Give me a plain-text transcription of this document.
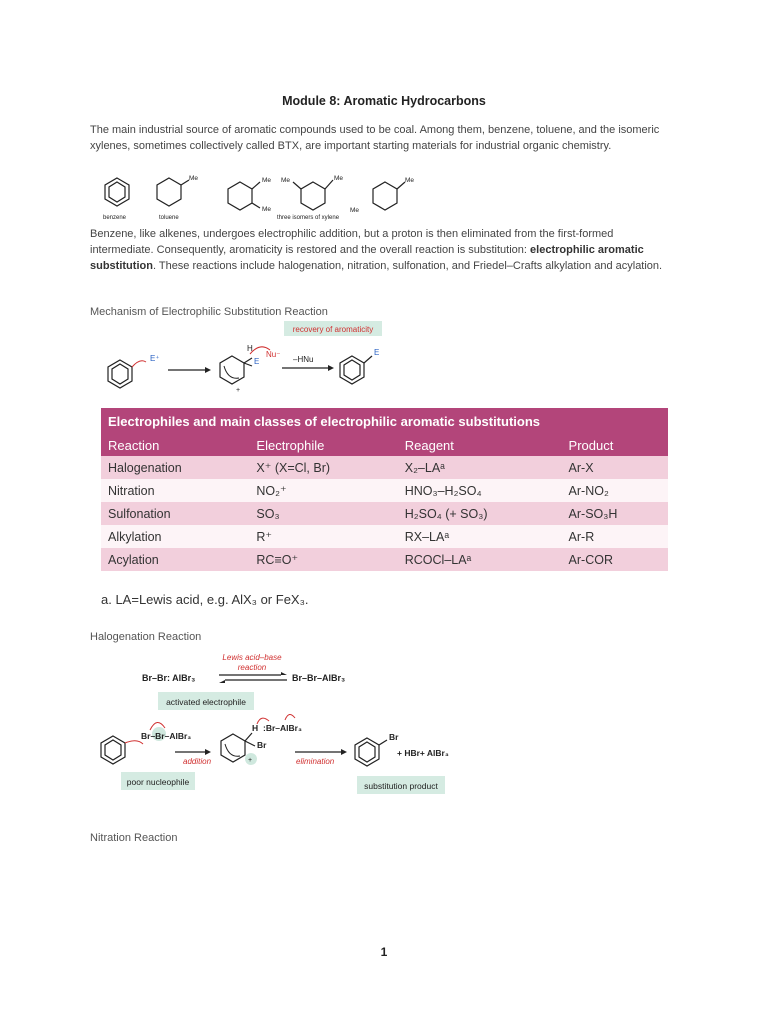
Module 8: Aromatic Hydrocarbons
The main industrial source of aromatic compounds used to be coal. Among them, benzene, toluene, and the isomeric xylenes, sometimes collectively called BTX, are important starting materials for industrial organic chemistry.
Me	Me
Me
Me	Me
Me
Me
benzene	toluene	three isomers of xylene
Benzene, like alkenes, undergoes electrophilic addition, but a proton is then eliminated from the first-formed intermediate. Consequently, aromaticity is restored and the overall reaction is substitution: electrophilic aromatic substitution. These reactions include halogenation, nitration, sulfonation, and Friedel–Crafts alkylation and acylation.
Mechanism of Electrophilic Substitution Reaction
recovery of aromaticity
E⁺
H
E
Nu⁻
+
–HNu
E
Electrophiles and main classes of electrophilic aromatic substitutions			
Reaction	Electrophile	Reagent	Product
Halogenation	X⁺ (X=Cl, Br)	X₂–LAᵃ	Ar-X
Nitration	NO₂⁺	HNO₃–H₂SO₄	Ar-NO₂
Sulfonation	SO₃	H₂SO₄ (+ SO₃)	Ar-SO₃H
Alkylation	R⁺	RX–LAᵃ	Ar-R
Acylation	RC≡O⁺	RCOCl–LAᵃ	Ar-COR
a. LA=Lewis acid, e.g. AlX₃ or FeX₃.
Halogenation Reaction
Lewis acid–base
reaction
Br–Br: AlBr₃	Br–Br–AlBr₃
activated electrophile
Br–Br–AlBr₃
addition
poor nucleophile
+
H
Br
:Br–AlBr₃
elimination
Br
+ HBr+ AlBr₃
substitution product
Nitration Reaction
1
